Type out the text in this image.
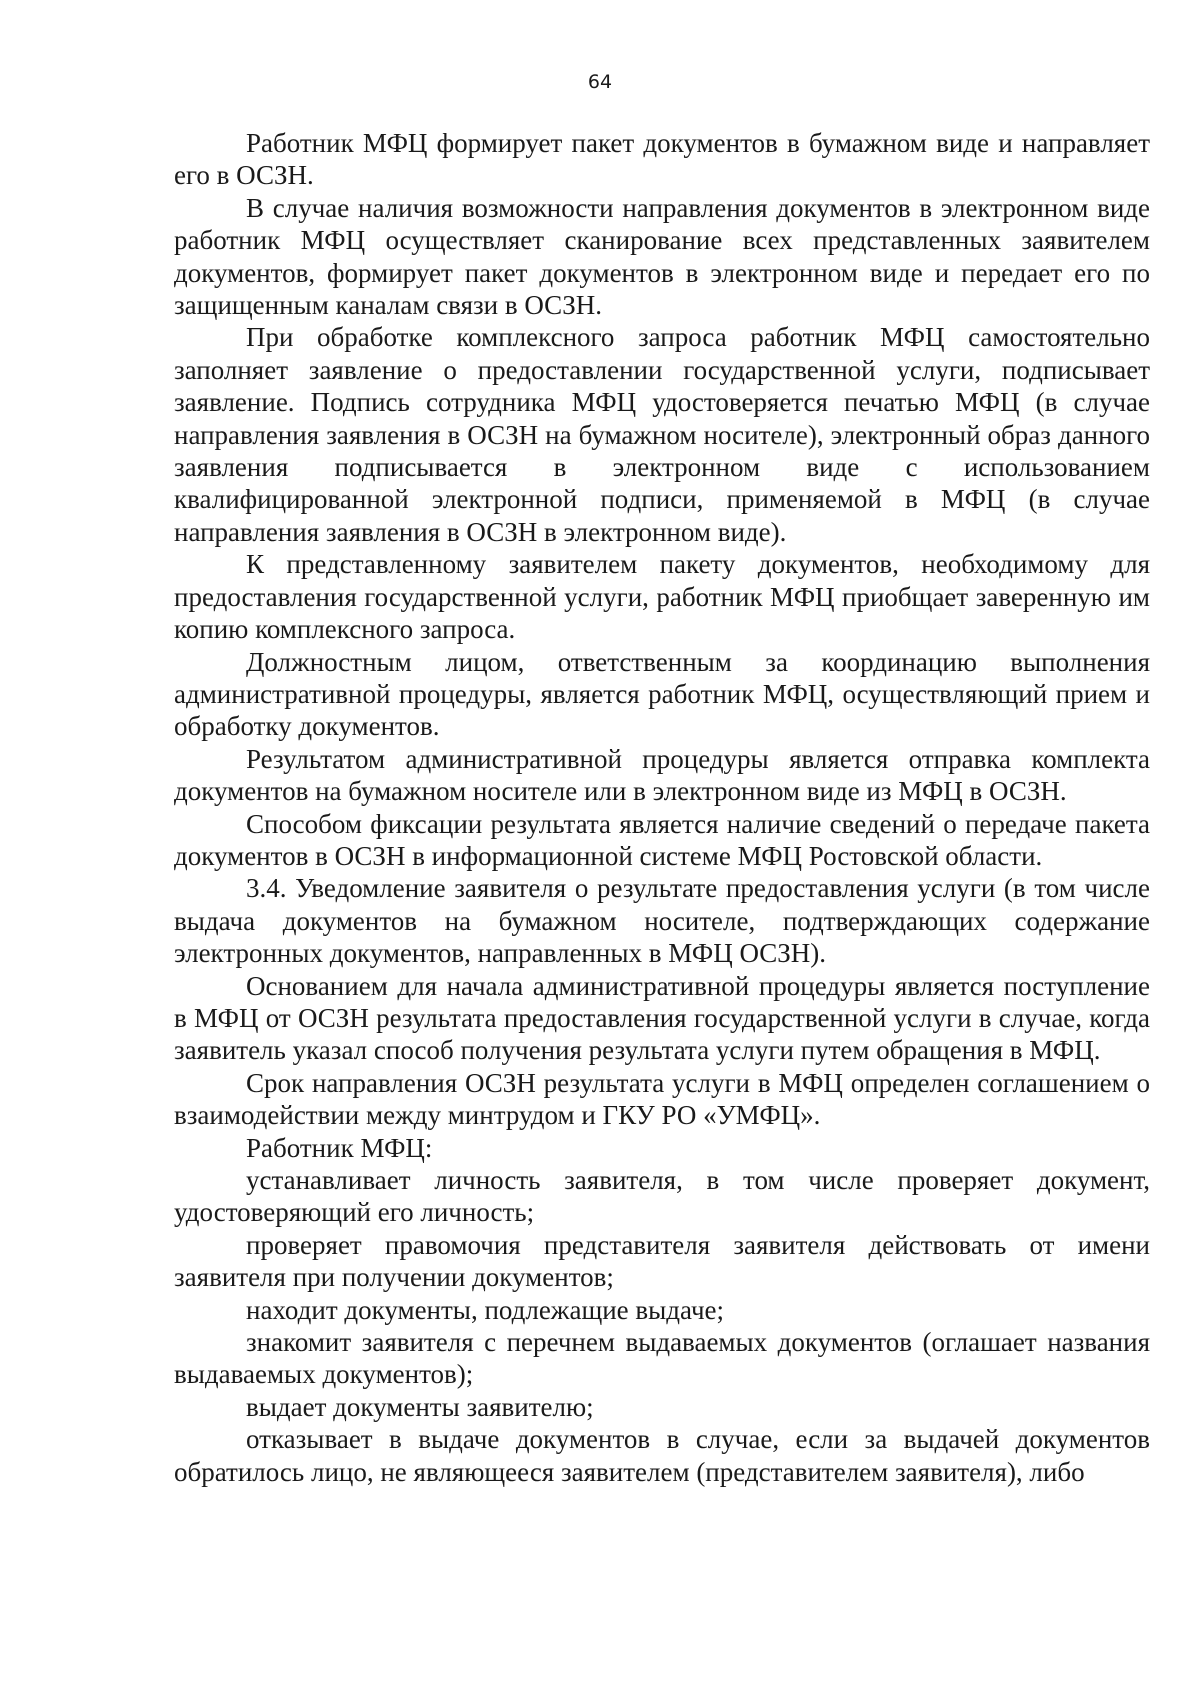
64

Работник МФЦ формирует пакет документов в бумажном виде и направляет его в ОСЗН.

В случае наличия возможности направления документов в электронном виде работник МФЦ осуществляет сканирование всех представленных заявителем документов, формирует пакет документов в электронном виде и передает его по защищенным каналам связи в ОСЗН.

При обработке комплексного запроса работник МФЦ самостоятельно заполняет заявление о предоставлении государственной услуги, подписывает заявление. Подпись сотрудника МФЦ удостоверяется печатью МФЦ (в случае направления заявления в ОСЗН на бумажном носителе), электронный образ данного заявления подписывается в электронном виде с использованием квалифицированной электронной подписи, применяемой в МФЦ (в случае направления заявления в ОСЗН в электронном виде).

К представленному заявителем пакету документов, необходимому для предоставления государственной услуги, работник МФЦ приобщает заверенную им копию комплексного запроса.

Должностным лицом, ответственным за координацию выполнения административной процедуры, является работник МФЦ, осуществляющий прием и обработку документов.

Результатом административной процедуры является отправка комплекта документов на бумажном носителе или в электронном виде из МФЦ в ОСЗН.

Способом фиксации результата является наличие сведений о передаче пакета документов в ОСЗН в информационной системе МФЦ Ростовской области.

3.4. Уведомление заявителя о результате предоставления услуги (в том числе выдача документов на бумажном носителе, подтверждающих содержание электронных документов, направленных в МФЦ ОСЗН).

Основанием для начала административной процедуры является поступление в МФЦ от ОСЗН результата предоставления государственной услуги в случае, когда заявитель указал способ получения результата услуги путем обращения в МФЦ.

Срок направления ОСЗН результата услуги в МФЦ определен соглашением о взаимодействии между минтрудом и ГКУ РО «УМФЦ».

Работник МФЦ:

устанавливает личность заявителя, в том числе проверяет документ, удостоверяющий его личность;

проверяет правомочия представителя заявителя действовать от имени заявителя при получении документов;

находит документы, подлежащие выдаче;

знакомит заявителя с перечнем выдаваемых документов (оглашает названия выдаваемых документов);

выдает документы заявителю;

отказывает в выдаче документов в случае, если за выдачей документов обратилось лицо, не являющееся заявителем (представителем заявителя), либо
